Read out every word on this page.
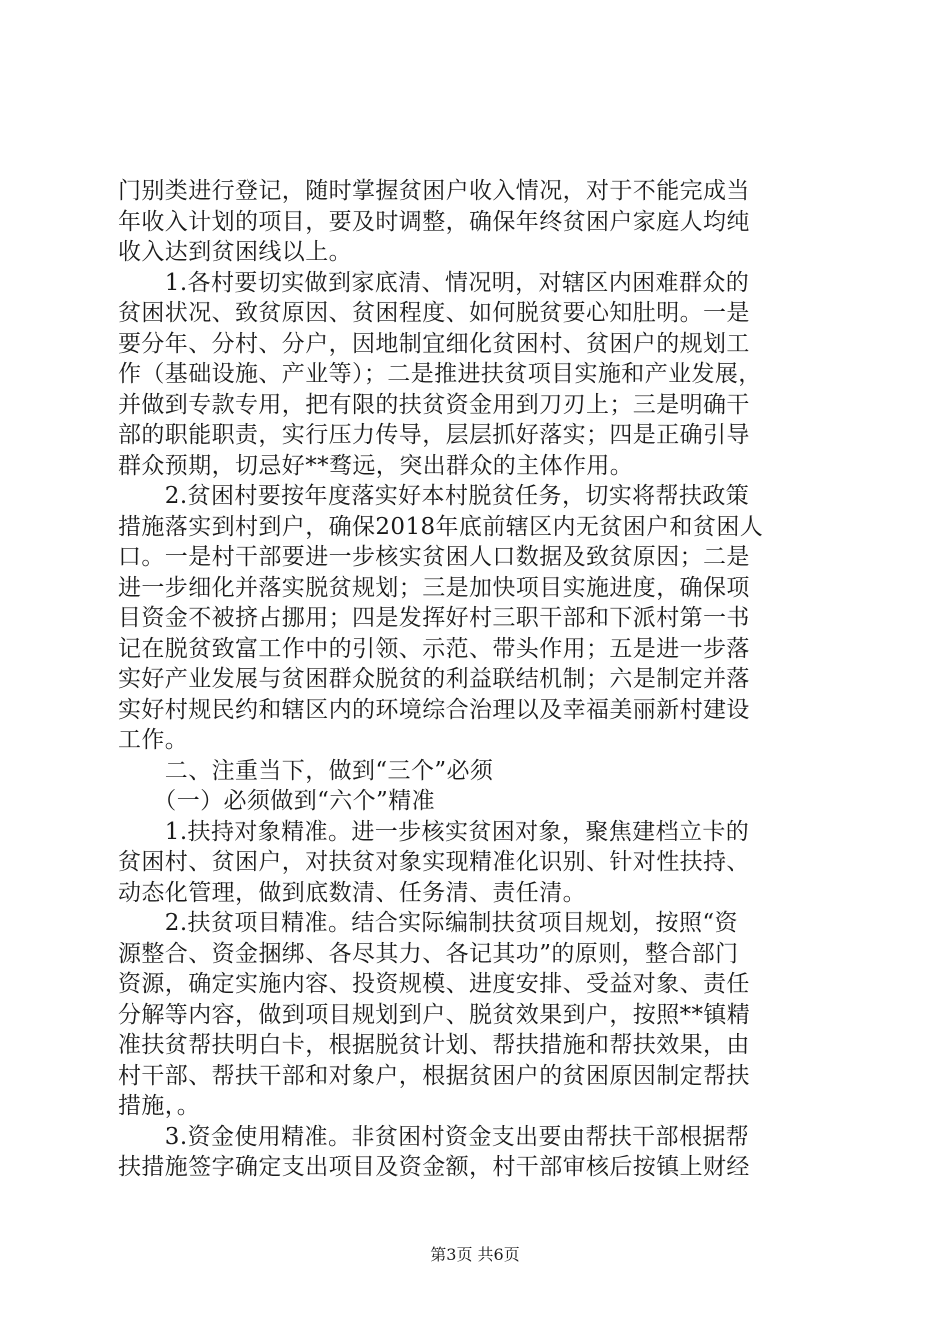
门别类进行登记，随时掌握贫困户收入情况，对于不能完成当
年收入计划的项目，要及时调整，确保年终贫困户家庭人均纯
收入达到贫困线以上。
　　1.各村要切实做到家底清、情况明，对辖区内困难群众的
贫困状况、致贫原因、贫困程度、如何脱贫要心知肚明。一是
要分年、分村、分户，因地制宜细化贫困村、贫困户的规划工
作（基础设施、产业等）；二是推进扶贫项目实施和产业发展，
并做到专款专用，把有限的扶贫资金用到刀刃上；三是明确干
部的职能职责，实行压力传导，层层抓好落实；四是正确引导
群众预期，切忌好**骛远，突出群众的主体作用。
　　2.贫困村要按年度落实好本村脱贫任务，切实将帮扶政策
措施落实到村到户，确保2018年底前辖区内无贫困户和贫困人
口。一是村干部要进一步核实贫困人口数据及致贫原因；二是
进一步细化并落实脱贫规划；三是加快项目实施进度，确保项
目资金不被挤占挪用；四是发挥好村三职干部和下派村第一书
记在脱贫致富工作中的引领、示范、带头作用；五是进一步落
实好产业发展与贫困群众脱贫的利益联结机制；六是制定并落
实好村规民约和辖区内的环境综合治理以及幸福美丽新村建设
工作。
　　二、注重当下，做到“三个”必须
　　（一）必须做到“六个”精准
　　1.扶持对象精准。进一步核实贫困对象，聚焦建档立卡的
贫困村、贫困户，对扶贫对象实现精准化识别、针对性扶持、
动态化管理，做到底数清、任务清、责任清。
　　2.扶贫项目精准。结合实际编制扶贫项目规划，按照“资
源整合、资金捆绑、各尽其力、各记其功”的原则，整合部门
资源，确定实施内容、投资规模、进度安排、受益对象、责任
分解等内容，做到项目规划到户、脱贫效果到户，按照**镇精
准扶贫帮扶明白卡，根据脱贫计划、帮扶措施和帮扶效果，由
村干部、帮扶干部和对象户，根据贫困户的贫困原因制定帮扶
措施，。
　　3.资金使用精准。非贫困村资金支出要由帮扶干部根据帮
扶措施签字确定支出项目及资金额，村干部审核后按镇上财经
第3页 共6页
